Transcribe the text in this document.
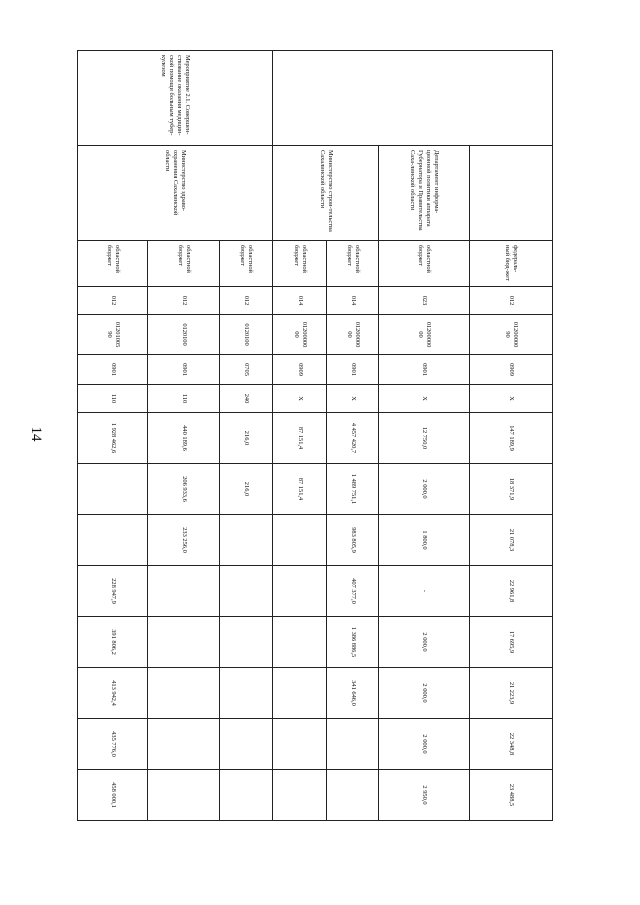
14
		федераль-ный бюд-жет	012	01200000 90	0909	X	147 189,9	18 371,9	21 078,3	22 961,8	17 695,9	21 223,9	22 348,8	23 488,5
	Департамент информа-ционной политики аппарата Губернатора и Правительства Саха-линской области	областной бюджет	023	01200000 00	0901	X	12 750,0	2 000,0	1 800,0	-	2 000,0	2 000,0	2 000,0	2 950,0
	Министерство строи-тельства Сахалинской области	областной бюджет	014	01200000 00	0901	X	4 457 420,7	1 489 751,1	983 805,9	407 377,0	1 386 886,5	341 646,0		
		областной бюджет	014	01200000 00	0909	X	87 151,4	87 151,4						
Мероприятие 2.1. Совершен-ствование оказания медицин-ской помощи больным тубер-кулезом	Министерство здраво-охранения Сахалинской области	областной бюджет	012	0120100	0705	240	216,0	216,0						
		областной бюджет	012	0120100	0901	110	440 189,6	206 933,6	233 256,0					
		областной бюджет	012	01201005 90	0901	110	1 928 462,6			228 947,9	391 806,2	413 942,4	435 776,0	458 000,1
